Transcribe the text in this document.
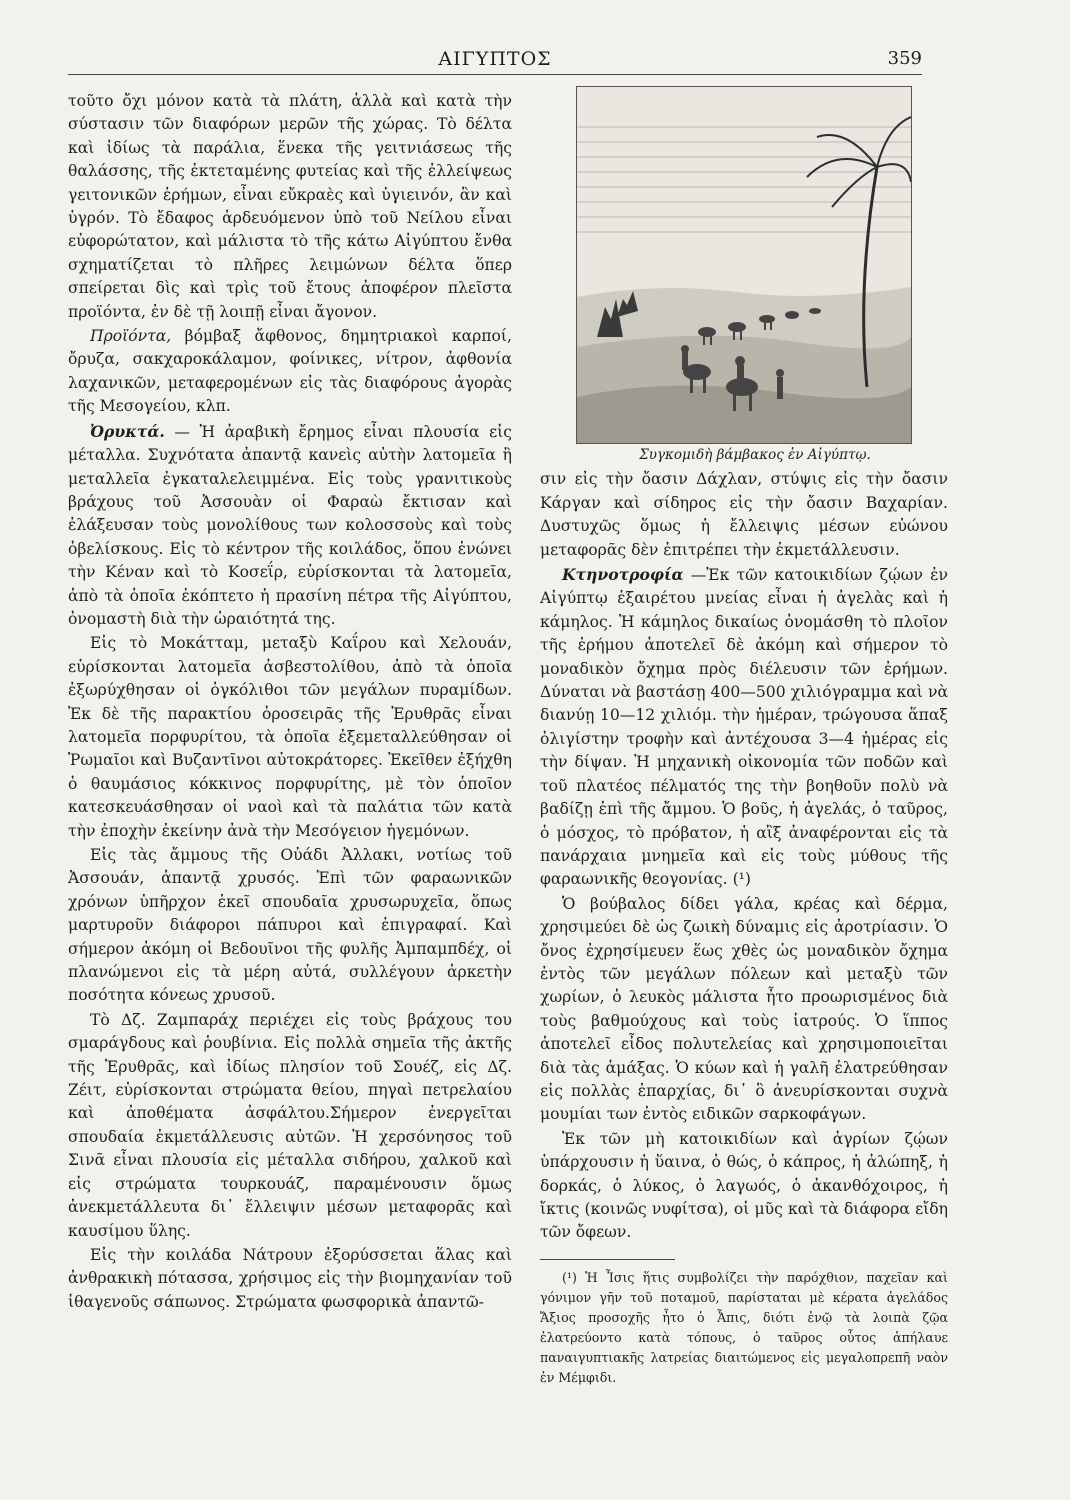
ΑΙΓΥΠΤΟΣ	359

τοῦτο ὄχι μόνον κατὰ τὰ πλάτη, ἀλλὰ καὶ κατὰ τὴν σύστασιν τῶν διαφόρων μερῶν τῆς χώρας. Τὸ δέλτα καὶ ἰδίως τὰ παράλια, ἕνεκα τῆς γειτνιάσεως τῆς θαλάσσης, τῆς ἐκτεταμένης φυτείας καὶ τῆς ἐλλείψεως γειτονικῶν ἐρήμων, εἶναι εὔκραὲς καὶ ὑγιεινόν, ἂν καὶ ὑγρόν. Τὸ ἔδαφος ἀρδευόμενον ὑπὸ τοῦ Νείλου εἶναι εὐφορώτατον, καὶ μάλιστα τὸ τῆς κάτω Αἰγύπτου ἔνθα σχηματίζεται τὸ πλῆρες λειμώνων δέλτα ὅπερ σπείρεται δὶς καὶ τρὶς τοῦ ἔτους ἀποφέρον πλεῖστα προϊόντα, ἐν δὲ τῇ λοιπῇ εἶναι ἄγονον.

Προϊόντα, βόμβαξ ἄφθονος, δημητριακοὶ καρποί, ὄρυζα, σακχαροκάλαμον, φοίνικες, νίτρον, ἀφθονία λαχανικῶν, μεταφερομένων εἰς τὰς διαφόρους ἀγορὰς τῆς Μεσογείου, κλπ.

Ὀρυκτά. — Ἡ ἀραβικὴ ἔρημος εἶναι πλουσία εἰς μέταλλα. Συχνότατα ἀπαντᾷ κανεὶς αὐτὴν λατομεῖα ἢ μεταλλεῖα ἐγκαταλελειμμένα. Εἰς τοὺς γρανιτικοὺς βράχους τοῦ Ἀσσουὰν οἱ Φαραὼ ἔκτισαν καὶ ἐλάξευσαν τοὺς μονολίθους των κολοσσοὺς καὶ τοὺς ὀβελίσκους. Εἰς τὸ κέντρον τῆς κοιλάδος, ὅπου ἑνώνει τὴν Κέναν καὶ τὸ Κοσεΐρ, εὑρίσκονται τὰ λατομεῖα, ἀπὸ τὰ ὁποῖα ἐκόπτετο ἡ πρασίνη πέτρα τῆς Αἰγύπτου, ὀνομαστὴ διὰ τὴν ὡραιότητά της.

Εἰς τὸ Μοκάτταμ, μεταξὺ Καΐρου καὶ Χελουάν, εὑρίσκονται λατομεῖα ἀσβεστολίθου, ἀπὸ τὰ ὁποῖα ἐξωρύχθησαν οἱ ὀγκόλιθοι τῶν μεγάλων πυραμίδων. Ἐκ δὲ τῆς παρακτίου ὀροσειρᾶς τῆς Ἐρυθρᾶς εἶναι λατομεῖα πορφυρίτου, τὰ ὁποῖα ἐξεμεταλλεύθησαν οἱ Ῥωμαῖοι καὶ Βυζαντῖνοι αὐτοκράτορες. Ἐκεῖθεν ἐξήχθη ὁ θαυμάσιος κόκκινος πορφυρίτης, μὲ τὸν ὁποῖον κατεσκευάσθησαν οἱ ναοὶ καὶ τὰ παλάτια τῶν κατὰ τὴν ἐποχὴν ἐκείνην ἀνὰ τὴν Μεσόγειον ἡγεμόνων.

Εἰς τὰς ἄμμους τῆς Οὐάδι Ἀλλακι, νοτίως τοῦ Ἀσσουάν, ἀπαντᾷ χρυσός. Ἐπὶ τῶν φαραωνικῶν χρόνων ὑπῆρχον ἐκεῖ σπουδαῖα χρυσωρυχεῖα, ὅπως μαρτυροῦν διάφοροι πάπυροι καὶ ἐπιγραφαί. Καὶ σήμερον ἀκόμη οἱ Βεδουῖνοι τῆς φυλῆς Ἀμπαμπδέχ, οἱ πλανώμενοι εἰς τὰ μέρη αὐτά, συλλέγουν ἀρκετὴν ποσότητα κόνεως χρυσοῦ.

Τὸ Δζ. Ζαμπαράχ περιέχει εἰς τοὺς βράχους του σμαράγδους καὶ ῥουβίνια. Εἰς πολλὰ σημεῖα τῆς ἀκτῆς τῆς Ἐρυθρᾶς, καὶ ἰδίως πλησίον τοῦ Σουέζ, εἰς Δζ. Ζέιτ, εὑρίσκονται στρώματα θείου, πηγαὶ πετρελαίου καὶ ἀποθέματα ἀσφάλτου.Σήμερον ἐνεργεῖται σπουδαία ἐκμετάλλευσις αὐτῶν. Ἡ χερσόνησος τοῦ Σινᾶ εἶναι πλουσία εἰς μέταλλα σιδήρου, χαλκοῦ καὶ εἰς στρώματα τουρκουάζ, παραμένουσιν ὅμως ἀνεκμετάλλευτα δι᾽ ἔλλειψιν μέσων μεταφορᾶς καὶ καυσίμου ὕλης.

Εἰς τὴν κοιλάδα Νάτρουν ἐξορύσσεται ἅλας καὶ ἀνθρακικὴ πότασσα, χρήσιμος εἰς τὴν βιομηχανίαν τοῦ ἰθαγενοῦς σάπωνος. Στρώματα φωσφορικὰ ἀπαντῶ-

Συγκομιδὴ βάμβακος ἐν Αἰγύπτῳ.

σιν εἰς τὴν ὄασιν Δάχλαν, στύψις εἰς τὴν ὄασιν Κάργαν καὶ σίδηρος εἰς τὴν ὄασιν Βαχαρίαν. Δυστυχῶς ὅμως ἡ ἔλλειψις μέσων εὐώνου μεταφορᾶς δὲν ἐπιτρέπει τὴν ἐκμετάλλευσιν.

Κτηνοτροφία —Ἐκ τῶν κατοικιδίων ζῴων ἐν Αἰγύπτῳ ἐξαιρέτου μνείας εἶναι ἡ ἀγελὰς καὶ ἡ κάμηλος. Ἡ κάμηλος δικαίως ὀνομάσθη τὸ πλοῖον τῆς ἐρήμου ἀποτελεῖ δὲ ἀκόμη καὶ σήμερον τὸ μοναδικὸν ὄχημα πρὸς διέλευσιν τῶν ἐρήμων. Δύναται νὰ βαστάσῃ 400—500 χιλιόγραμμα καὶ νὰ διανύῃ 10—12 χιλιόμ. τὴν ἡμέραν, τρώγουσα ἅπαξ ὀλιγίστην τροφὴν καὶ ἀντέχουσα 3—4 ἡμέρας εἰς τὴν δίψαν. Ἡ μηχανικὴ οἰκονομία τῶν ποδῶν καὶ τοῦ πλατέος πέλματός της τὴν βοηθοῦν πολὺ νὰ βαδίζῃ ἐπὶ τῆς ἄμμου. Ὁ βοῦς, ἡ ἀγελάς, ὁ ταῦρος, ὁ μόσχος, τὸ πρόβατον, ἡ αἲξ ἀναφέρονται εἰς τὰ πανάρχαια μνημεῖα καὶ εἰς τοὺς μύθους τῆς φαραωνικῆς θεογονίας. (¹)

Ὁ βούβαλος δίδει γάλα, κρέας καὶ δέρμα, χρησιμεύει δὲ ὡς ζωικὴ δύναμις εἰς ἀροτρίασιν. Ὁ ὄνος ἐχρησίμευεν ἕως χθὲς ὡς μοναδικὸν ὄχημα ἐντὸς τῶν μεγάλων πόλεων καὶ μεταξὺ τῶν χωρίων, ὁ λευκὸς μάλιστα ἦτο προωρισμένος διὰ τοὺς βαθμούχους καὶ τοὺς ἰατρούς. Ὁ ἵππος ἀποτελεῖ εἶδος πολυτελείας καὶ χρησιμοποιεῖται διὰ τὰς ἁμάξας. Ὁ κύων καὶ ἡ γαλῆ ἐλατρεύθησαν εἰς πολλὰς ἐπαρχίας, δι᾽ ὃ ἀνευρίσκονται συχνὰ μουμίαι των ἐντὸς ειδικῶν σαρκοφάγων.

Ἐκ τῶν μὴ κατοικιδίων καὶ ἀγρίων ζῴων ὑπάρχουσιν ἡ ὕαινα, ὁ θώς, ὁ κάπρος, ἡ ἀλώπηξ, ἡ δορκάς, ὁ λύκος, ὁ λαγωός, ὁ ἀκανθόχοιρος, ἡ ἴκτις (κοινῶς νυφίτσα), οἱ μῦς καὶ τὰ διάφορα εἴδη τῶν ὄφεων.

(¹) Ἡ Ἶσις ἥτις συμβολίζει τὴν παρόχθιον, παχεῖαν καὶ γόνιμον γῆν τοῦ ποταμοῦ, παρίσταται μὲ κέρατα ἀγελάδος Ἄξιος προσοχῆς ἦτο ὁ Ἆπις, διότι ἐνῷ τὰ λοιπὰ ζῷα ἐλατρεύοντο κατὰ τόπους, ὁ ταῦρος οὗτος ἀπήλαυε παναιγυπτιακῆς λατρείας διαιτώμενος εἰς μεγαλοπρεπῆ ναὸν ἐν Μέμφιδι.
